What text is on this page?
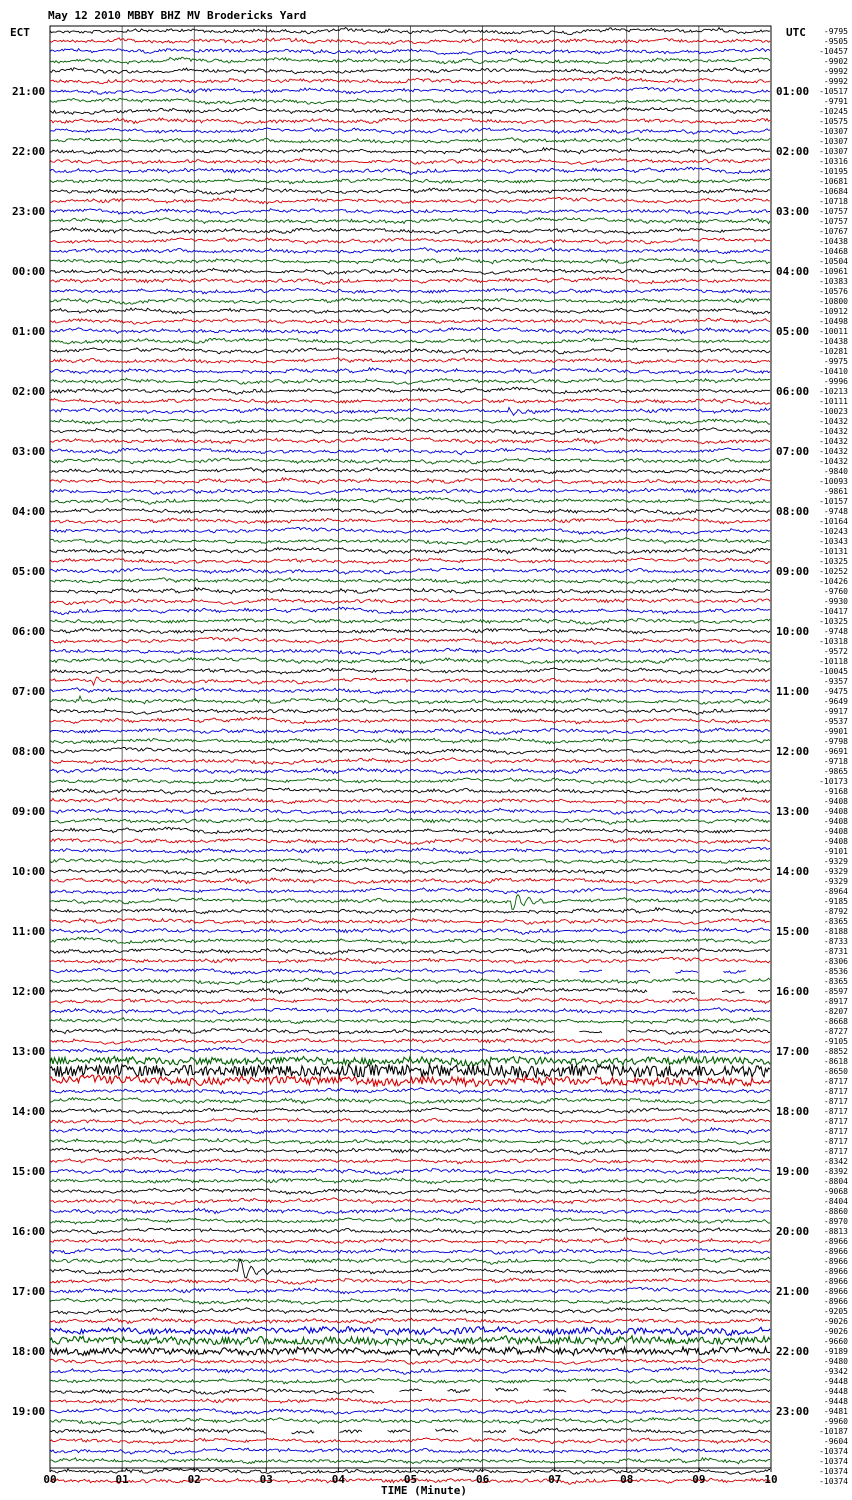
May 12 2010 MBBY BHZ MV Brodericks Yard
ECT	UTC
TIME (Minute)
00	01	02	03	04	05	06	07	08	09	10
-9795
-9505
-10457
-9902
-9992
-9992
-10517
-9791
-10245
-10575
-10307
-10307
-10307
-10316
-10195
-10681
-10684
-10718
-10757
-10757
-10767
-10438
-10468
-10504
-10961
-10383
-10576
-10800
-10912
-10498
-10011
-10438
-10281
-9975
-10410
-9996
-10213
-10111
-10023
-10432
-10432
-10432
-10432
-10432
-9840
-10093
-9861
-10157
-9748
-10164
-10243
-10343
-10131
-10325
-10252
-10426
-9760
-9930
-10417
-10325
-9748
-10318
-9572
-10118
-10045
-9357
-9475
-9649
-9917
-9537
-9901
-9798
-9691
-9718
-9865
-10173
-9168
-9408
-9408
-9408
-9408
-9408
-9101
-9329
-9329
-9329
-8964
-9185
-8792
-8365
-8188
-8733
-8731
-8306
-8536
-8365
-8597
-8917
-8207
-8668
-8727
-9105
-8852
-8618
-8650
-8717
-8717
-8717
-8717
-8717
-8717
-8717
-8717
-8342
-8392
-8804
-9068
-8404
-8860
-8970
-8813
-8966
-8966
-8966
-8966
-8966
-8966
-8966
-9205
-9026
-9026
-9660
-9189
-9480
-9342
-9448
-9448
-9448
-9481
-9960
-10187
-9604
-10374
-10374
-10374
-10374
21:00
22:00
23:00
00:00
01:00
02:00
03:00
04:00
05:00
06:00
07:00
08:00
09:00
10:00
11:00
12:00
13:00
14:00
15:00
16:00
17:00
18:00
19:00
01:00
02:00
03:00
04:00
05:00
06:00
07:00
08:00
09:00
10:00
11:00
12:00
13:00
14:00
15:00
16:00
17:00
18:00
19:00
20:00
21:00
22:00
23:00
